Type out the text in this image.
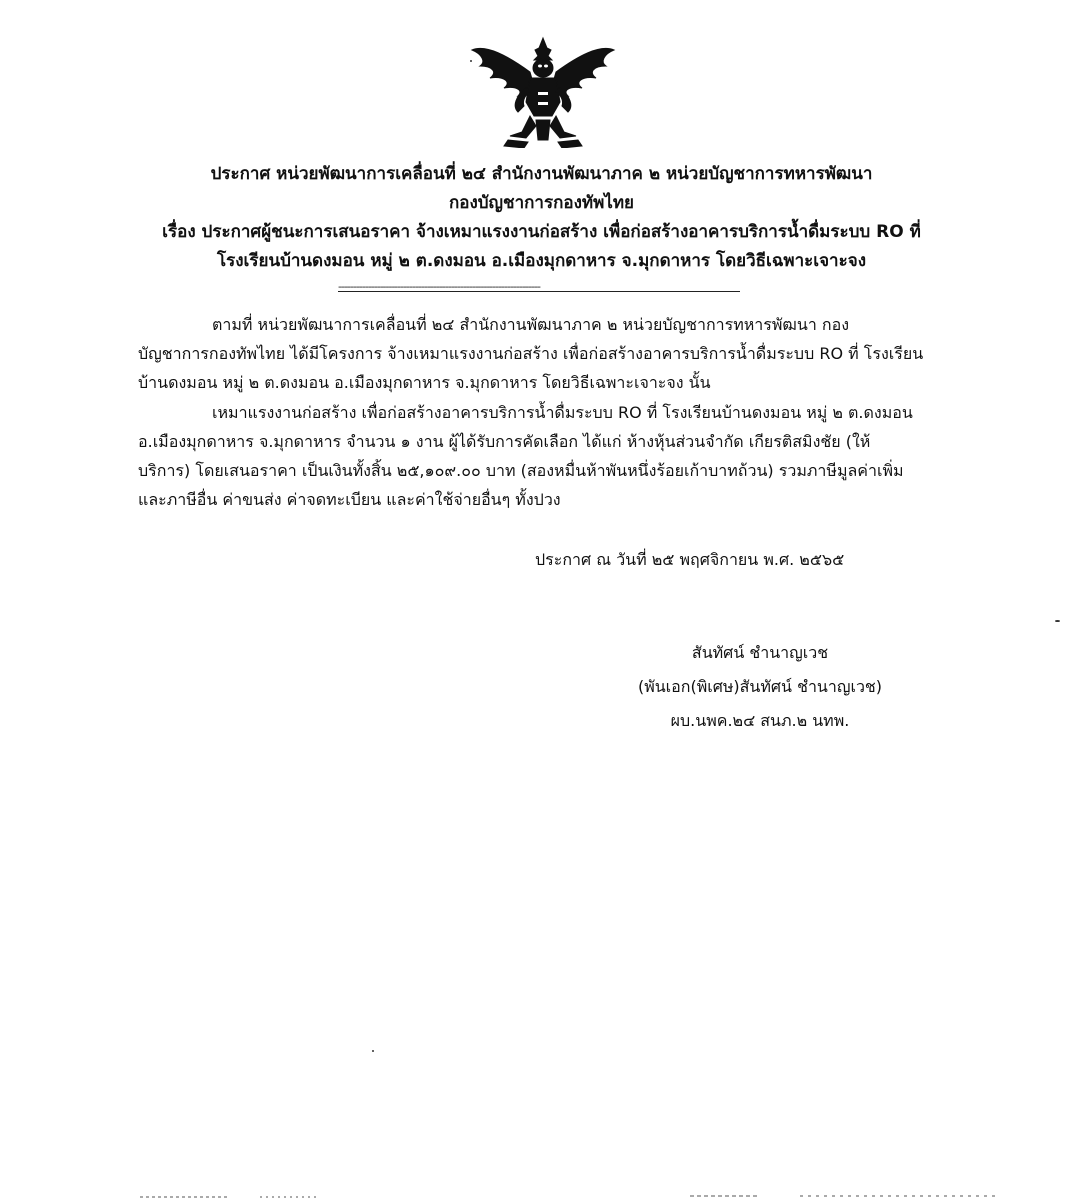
ประกาศ หน่วยพัฒนาการเคลื่อนที่ ๒๔ สำนักงานพัฒนาภาค ๒ หน่วยบัญชาการทหารพัฒนา
กองบัญชาการกองทัพไทย
เรื่อง ประกาศผู้ชนะการเสนอราคา จ้างเหมาแรงงานก่อสร้าง เพื่อก่อสร้างอาคารบริการน้ำดื่มระบบ RO ที่
โรงเรียนบ้านดงมอน หมู่ ๒ ต.ดงมอน อ.เมืองมุกดาหาร จ.มุกดาหาร โดยวิธีเฉพาะเจาะจง
--------------------------------------------------------------------
ตามที่ หน่วยพัฒนาการเคลื่อนที่ ๒๔ สำนักงานพัฒนาภาค ๒ หน่วยบัญชาการทหารพัฒนา กอง
บัญชาการกองทัพไทย ได้มีโครงการ จ้างเหมาแรงงานก่อสร้าง เพื่อก่อสร้างอาคารบริการน้ำดื่มระบบ RO ที่ โรงเรียน
บ้านดงมอน หมู่ ๒ ต.ดงมอน อ.เมืองมุกดาหาร จ.มุกดาหาร โดยวิธีเฉพาะเจาะจง นั้น
เหมาแรงงานก่อสร้าง เพื่อก่อสร้างอาคารบริการน้ำดื่มระบบ RO ที่ โรงเรียนบ้านดงมอน หมู่ ๒ ต.ดงมอน
อ.เมืองมุกดาหาร จ.มุกดาหาร จำนวน ๑ งาน ผู้ได้รับการคัดเลือก ได้แก่ ห้างหุ้นส่วนจำกัด เกียรติสมิงชัย (ให้
บริการ) โดยเสนอราคา เป็นเงินทั้งสิ้น ๒๕,๑๐๙.๐๐ บาท (สองหมื่นห้าพันหนึ่งร้อยเก้าบาทถ้วน) รวมภาษีมูลค่าเพิ่ม
และภาษีอื่น ค่าขนส่ง ค่าจดทะเบียน และค่าใช้จ่ายอื่นๆ ทั้งปวง
ประกาศ ณ วันที่ ๒๕ พฤศจิกายน พ.ศ. ๒๕๖๕
สันทัศน์ ชำนาญเวช
(พันเอก(พิเศษ)สันทัศน์ ชำนาญเวช)
ผบ.นพค.๒๔ สนภ.๒ นทพ.
